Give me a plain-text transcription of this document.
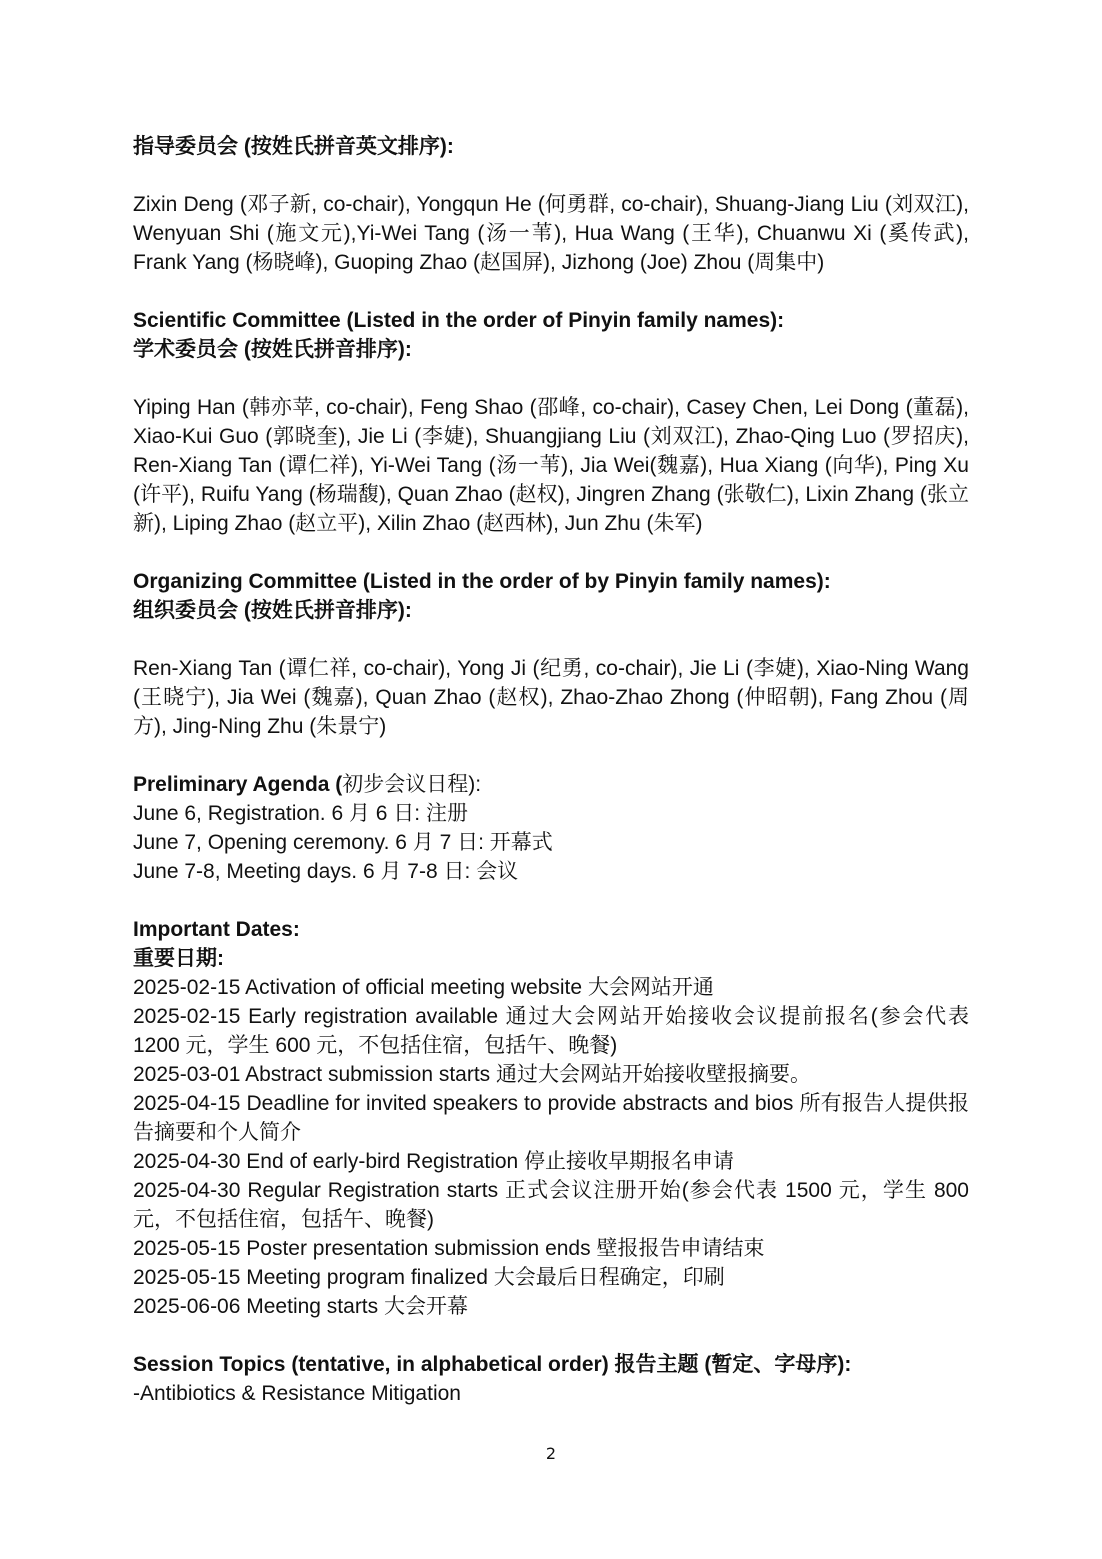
指导委员会 (按姓氏拼音英文排序):
Zixin Deng (邓子新, co-chair), Yongqun He (何勇群, co-chair), Shuang-Jiang Liu (刘双江), Wenyuan Shi (施文元),Yi-Wei Tang (汤一苇), Hua Wang (王华), Chuanwu Xi (奚传武), Frank Yang (杨晓峰), Guoping Zhao (赵国屏), Jizhong (Joe) Zhou (周集中)
Scientific Committee (Listed in the order of Pinyin family names):
学术委员会 (按姓氏拼音排序):
Yiping Han (韩亦苹, co-chair), Feng Shao (邵峰, co-chair), Casey Chen, Lei Dong (董磊), Xiao-Kui Guo (郭晓奎), Jie Li (李婕), Shuangjiang Liu (刘双江), Zhao-Qing Luo (罗招庆), Ren-Xiang Tan (谭仁祥), Yi-Wei Tang (汤一苇), Jia Wei(魏嘉), Hua Xiang (向华), Ping Xu (许平), Ruifu Yang (杨瑞馥), Quan Zhao (赵权), Jingren Zhang (张敬仁), Lixin Zhang (张立新), Liping Zhao (赵立平), Xilin Zhao (赵西林), Jun Zhu (朱军)
Organizing Committee (Listed in the order of by Pinyin family names):
组织委员会 (按姓氏拼音排序):
Ren-Xiang Tan (谭仁祥, co-chair), Yong Ji (纪勇, co-chair), Jie Li (李婕), Xiao-Ning Wang (王晓宁), Jia Wei (魏嘉), Quan Zhao (赵权), Zhao-Zhao Zhong (仲昭朝), Fang Zhou (周方), Jing-Ning Zhu (朱景宁)
Preliminary Agenda (初步会议日程):
June 6, Registration. 6 月 6 日: 注册
June 7, Opening ceremony. 6 月 7 日: 开幕式
June 7-8, Meeting days. 6 月 7-8 日: 会议
Important Dates:
重要日期:
2025-02-15 Activation of official meeting website 大会网站开通
2025-02-15 Early registration available 通过大会网站开始接收会议提前报名(参会代表 1200 元，学生 600 元，不包括住宿，包括午、晚餐)
2025-03-01 Abstract submission starts 通过大会网站开始接收壁报摘要。
2025-04-15 Deadline for invited speakers to provide abstracts and bios 所有报告人提供报告摘要和个人简介
2025-04-30 End of early-bird Registration 停止接收早期报名申请
2025-04-30 Regular Registration starts 正式会议注册开始(参会代表 1500 元，学生 800 元，不包括住宿，包括午、晚餐)
2025-05-15 Poster presentation submission ends 壁报报告申请结束
2025-05-15 Meeting program finalized 大会最后日程确定，印刷
2025-06-06 Meeting starts 大会开幕
Session Topics (tentative, in alphabetical order) 报告主题 (暂定、字母序):
-Antibiotics & Resistance Mitigation
2
